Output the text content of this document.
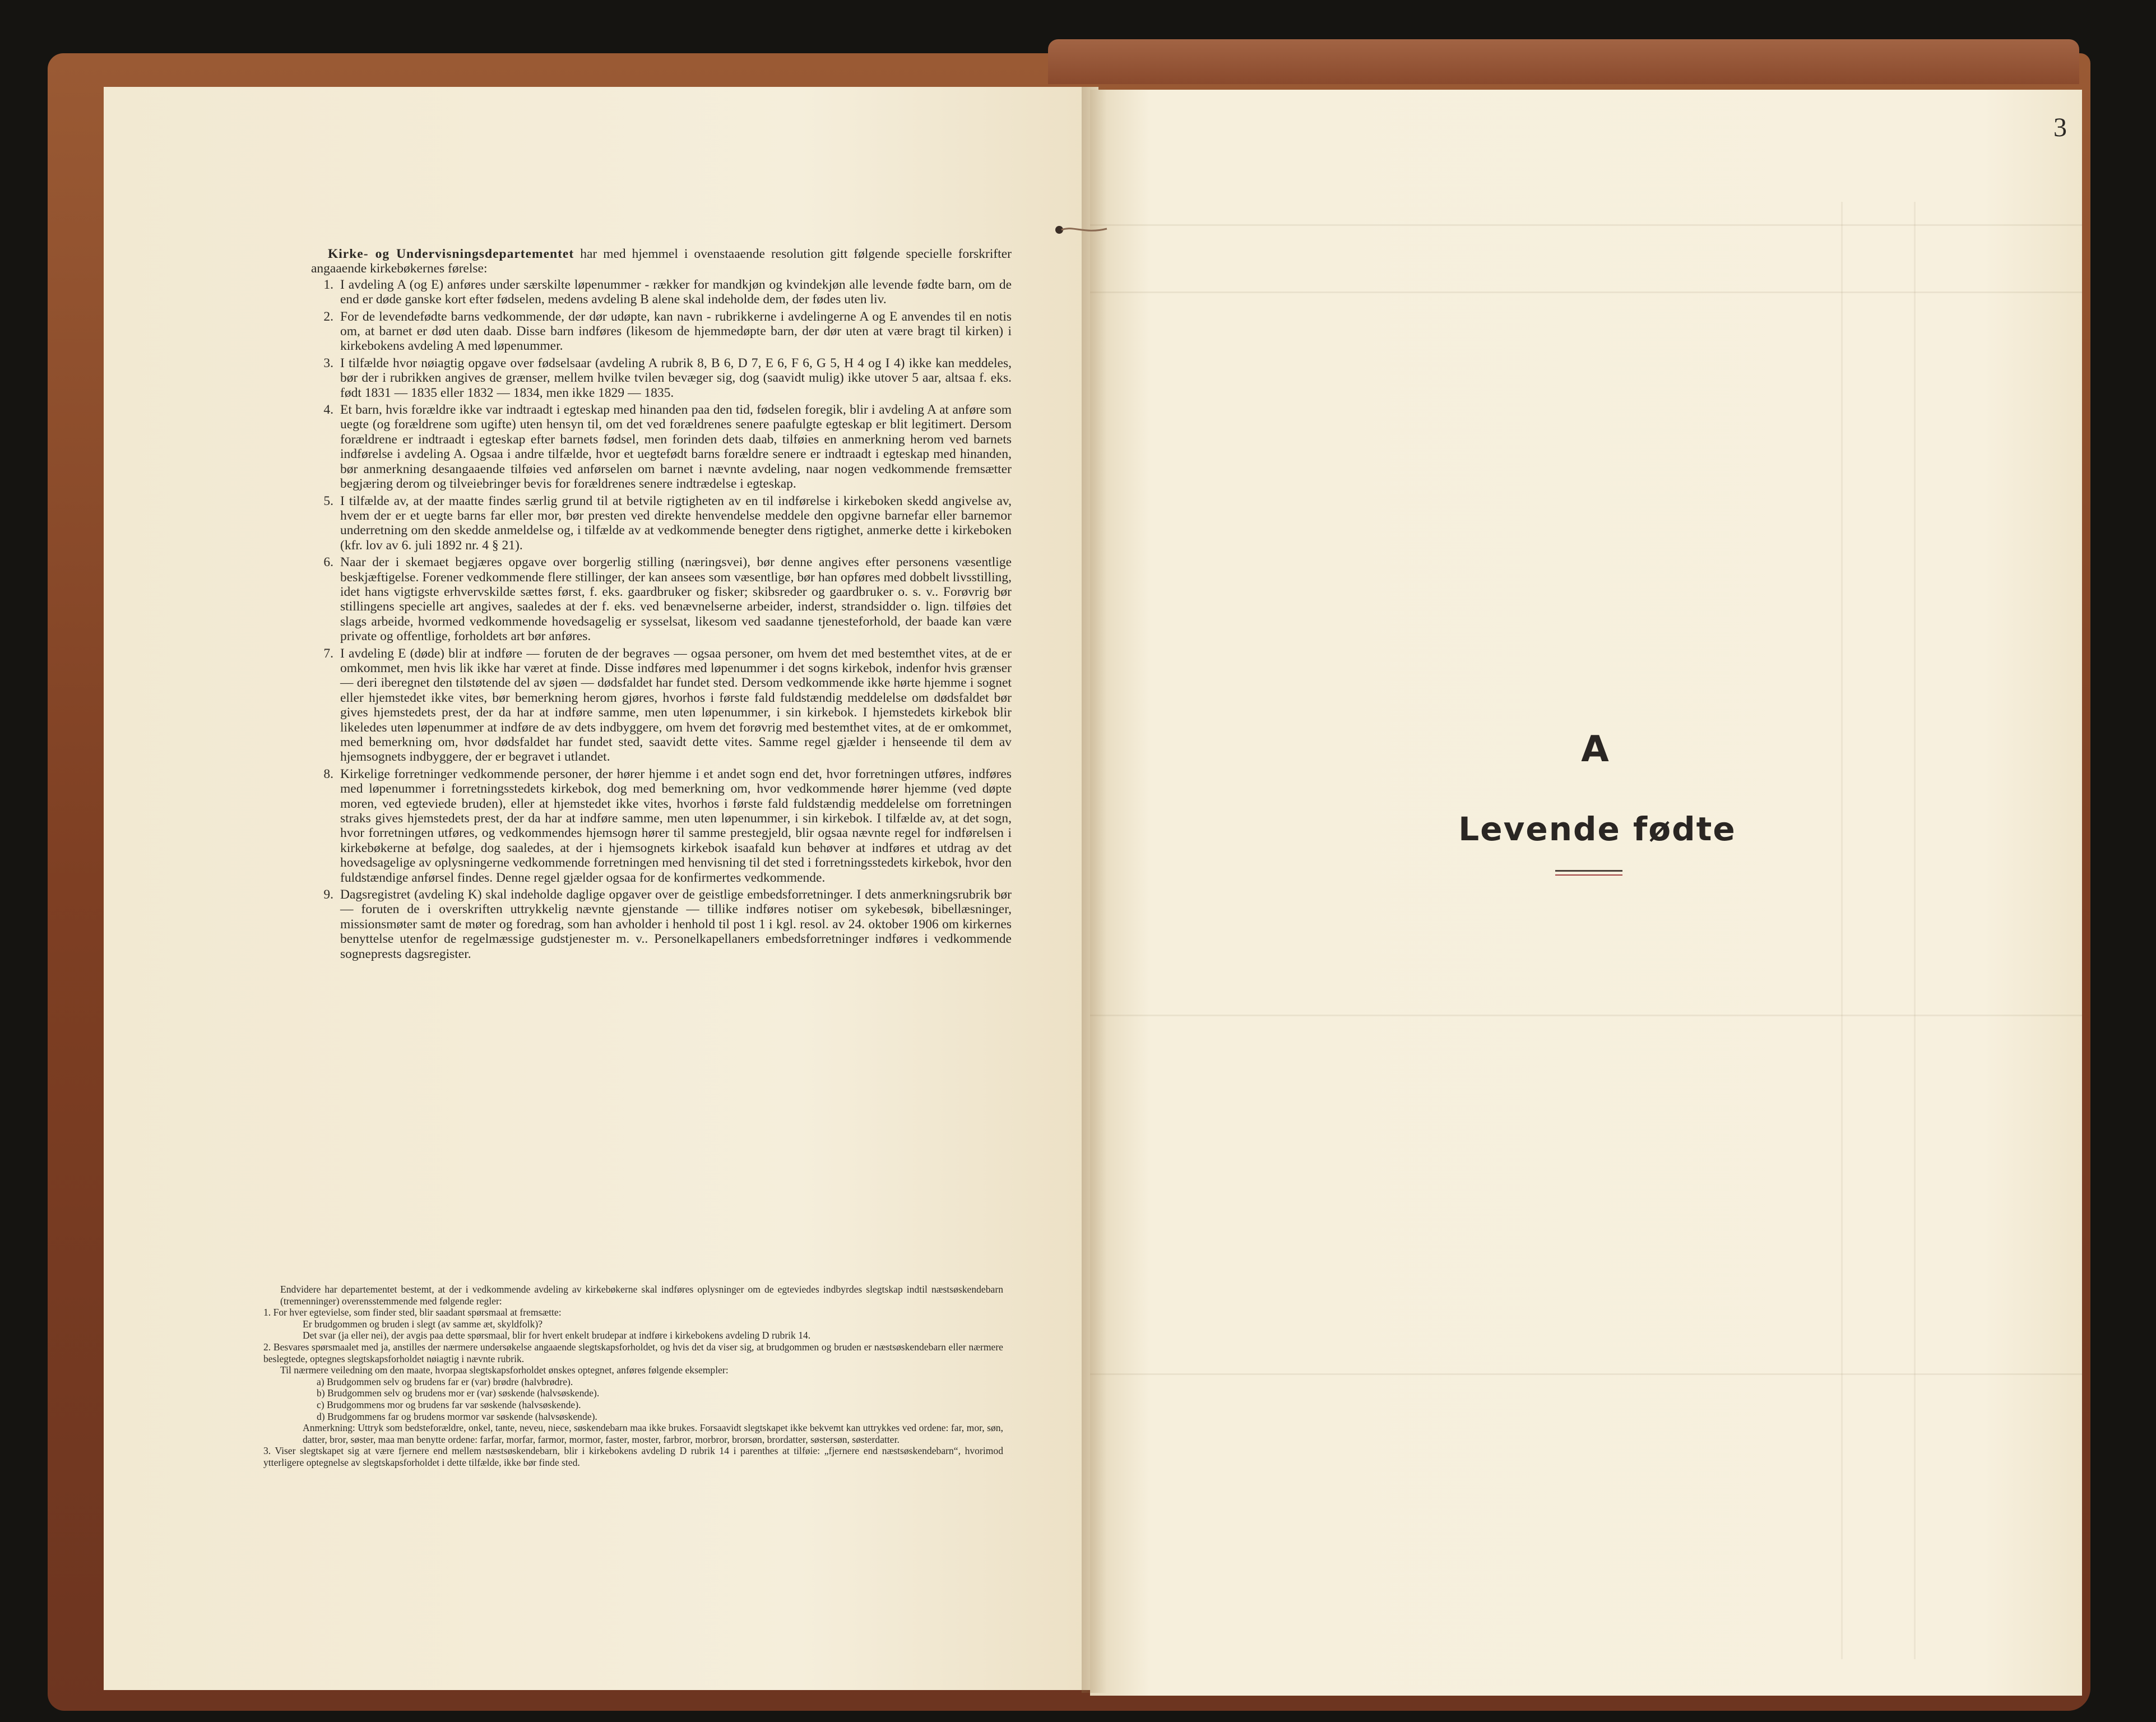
Kirke- og Undervisningsdepartementet har med hjemmel i ovenstaaende resolution gitt følgende specielle forskrifter angaaende kirkebøkernes førelse:

1. I avdeling A (og E) anføres under særskilte løpenummer - rækker for mandkjøn og kvindekjøn alle levende fødte barn, om de end er døde ganske kort efter fødselen, medens avdeling B alene skal indeholde dem, der fødes uten liv.
2. For de levendefødte barns vedkommende, der dør udøpte, kan navn - rubrikkerne i avdelingerne A og E anvendes til en notis om, at barnet er død uten daab. Disse barn indføres (likesom de hjemmedøpte barn, der dør uten at være bragt til kirken) i kirkebokens avdeling A med løpenummer.
3. I tilfælde hvor nøiagtig opgave over fødselsaar (avdeling A rubrik 8, B 6, D 7, E 6, F 6, G 5, H 4 og I 4) ikke kan meddeles, bør der i rubrikken angives de grænser, mellem hvilke tvilen bevæger sig, dog (saavidt mulig) ikke utover 5 aar, altsaa f. eks. født 1831 — 1835 eller 1832 — 1834, men ikke 1829 — 1835.
4. Et barn, hvis forældre ikke var indtraadt i egteskap med hinanden paa den tid, fødselen foregik, blir i avdeling A at anføre som uegte (og forældrene som ugifte) uten hensyn til, om det ved forældrenes senere paafulgte egteskap er blit legitimert. Dersom forældrene er indtraadt i egteskap efter barnets fødsel, men forinden dets daab, tilføies en anmerkning herom ved barnets indførelse i avdeling A. Ogsaa i andre tilfælde, hvor et uegtefødt barns forældre senere er indtraadt i egteskap med hinanden, bør anmerkning desangaaende tilføies ved anførselen om barnet i nævnte avdeling, naar nogen vedkommende fremsætter begjæring derom og tilveiebringer bevis for forældrenes senere indtrædelse i egteskap.
5. I tilfælde av, at der maatte findes særlig grund til at betvile rigtigheten av en til indførelse i kirkeboken skedd angivelse av, hvem der er et uegte barns far eller mor, bør presten ved direkte henvendelse meddele den opgivne barnefar eller barnemor underretning om den skedde anmeldelse og, i tilfælde av at vedkommende benegter dens rigtighet, anmerke dette i kirkeboken (kfr. lov av 6. juli 1892 nr. 4 § 21).
6. Naar der i skemaet begjæres opgave over borgerlig stilling (næringsvei), bør denne angives efter personens væsentlige beskjæftigelse. Forener vedkommende flere stillinger, der kan ansees som væsentlige, bør han opføres med dobbelt livsstilling, idet hans vigtigste erhvervskilde sættes først, f. eks. gaardbruker og fisker; skibsreder og gaardbruker o. s. v.. Forøvrig bør stillingens specielle art angives, saaledes at der f. eks. ved benævnelserne arbeider, inderst, strandsidder o. lign. tilføies det slags arbeide, hvormed vedkommende hovedsagelig er sysselsat, likesom ved saadanne tjenesteforhold, der baade kan være private og offentlige, forholdets art bør anføres.
7. I avdeling E (døde) blir at indføre — foruten de der begraves — ogsaa personer, om hvem det med bestemthet vites, at de er omkommet, men hvis lik ikke har været at finde. Disse indføres med løpenummer i det sogns kirkebok, indenfor hvis grænser — deri iberegnet den tilstøtende del av sjøen — dødsfaldet har fundet sted. Dersom vedkommende ikke hørte hjemme i sognet eller hjemstedet ikke vites, bør bemerkning herom gjøres, hvorhos i første fald fuldstændig meddelelse om dødsfaldet bør gives hjemstedets prest, der da har at indføre samme, men uten løpenummer, i sin kirkebok. I hjemstedets kirkebok blir likeledes uten løpenummer at indføre de av dets indbyggere, om hvem det forøvrig med bestemthet vites, at de er omkommet, med bemerkning om, hvor dødsfaldet har fundet sted, saavidt dette vites. Samme regel gjælder i henseende til dem av hjemsognets indbyggere, der er begravet i utlandet.
8. Kirkelige forretninger vedkommende personer, der hører hjemme i et andet sogn end det, hvor forretningen utføres, indføres med løpenummer i forretningsstedets kirkebok, dog med bemerkning om, hvor vedkommende hører hjemme (ved døpte moren, ved egteviede bruden), eller at hjemstedet ikke vites, hvorhos i første fald fuldstændig meddelelse om forretningen straks gives hjemstedets prest, der da har at indføre samme, men uten løpenummer, i sin kirkebok. I tilfælde av, at det sogn, hvor forretningen utføres, og vedkommendes hjemsogn hører til samme prestegjeld, blir ogsaa nævnte regel for indførelsen i kirkebøkerne at befølge, dog saaledes, at der i hjemsognets kirkebok isaafald kun behøver at indføres et utdrag av det hovedsagelige av oplysningerne vedkommende forretningen med henvisning til det sted i forretningsstedets kirkebok, hvor den fuldstændige anførsel findes. Denne regel gjælder ogsaa for de konfirmertes vedkommende.
9. Dagsregistret (avdeling K) skal indeholde daglige opgaver over de geistlige embedsforretninger. I dets anmerkningsrubrik bør — foruten de i overskriften uttrykkelig nævnte gjenstande — tillike indføres notiser om sykebesøk, bibellæsninger, missionsmøter samt de møter og foredrag, som han avholder i henhold til post 1 i kgl. resol. av 24. oktober 1906 om kirkernes benyttelse utenfor de regelmæssige gudstjenester m. v.. Personelkapellaners embedsforretninger indføres i vedkommende sogneprests dagsregister.

Endvidere har departementet bestemt, at der i vedkommende avdeling av kirkebøkerne skal indføres oplysninger om de egteviedes indbyrdes slegtskap indtil næstsøskendebarn (tremenninger) overensstemmende med følgende regler:

1. For hver egtevielse, som finder sted, blir saadant spørsmaal at fremsætte:

Er brudgommen og bruden i slegt (av samme æt, skyldfolk)?

Det svar (ja eller nei), der avgis paa dette spørsmaal, blir for hvert enkelt brudepar at indføre i kirkebokens avdeling D rubrik 14.

2. Besvares spørsmaalet med ja, anstilles der nærmere undersøkelse angaaende slegtskapsforholdet, og hvis det da viser sig, at brudgommen og bruden er næstsøskendebarn eller nærmere beslegtede, optegnes slegtskapsforholdet nøiagtig i nævnte rubrik.

Til nærmere veiledning om den maate, hvorpaa slegtskapsforholdet ønskes optegnet, anføres følgende eksempler:

a) Brudgommen selv og brudens far er (var) brødre (halvbrødre).

b) Brudgommen selv og brudens mor er (var) søskende (halvsøskende).

c) Brudgommens mor og brudens far var søskende (halvsøskende).

d) Brudgommens far og brudens mormor var søskende (halvsøskende).

Anmerkning: Uttryk som bedsteforældre, onkel, tante, neveu, niece, søskendebarn maa ikke brukes. Forsaavidt slegtskapet ikke bekvemt kan uttrykkes ved ordene: far, mor, søn, datter, bror, søster, maa man benytte ordene: farfar, morfar, farmor, mormor, faster, moster, farbror, morbror, brorsøn, brordatter, søstersøn, søsterdatter.

3. Viser slegtskapet sig at være fjernere end mellem næstsøskendebarn, blir i kirkebokens avdeling D rubrik 14 i parenthes at tilføie: „fjernere end næstsøskendebarn“, hvorimod ytterligere optegnelse av slegtskapsforholdet i dette tilfælde, ikke bør finde sted.

3
A
Levende fødte
